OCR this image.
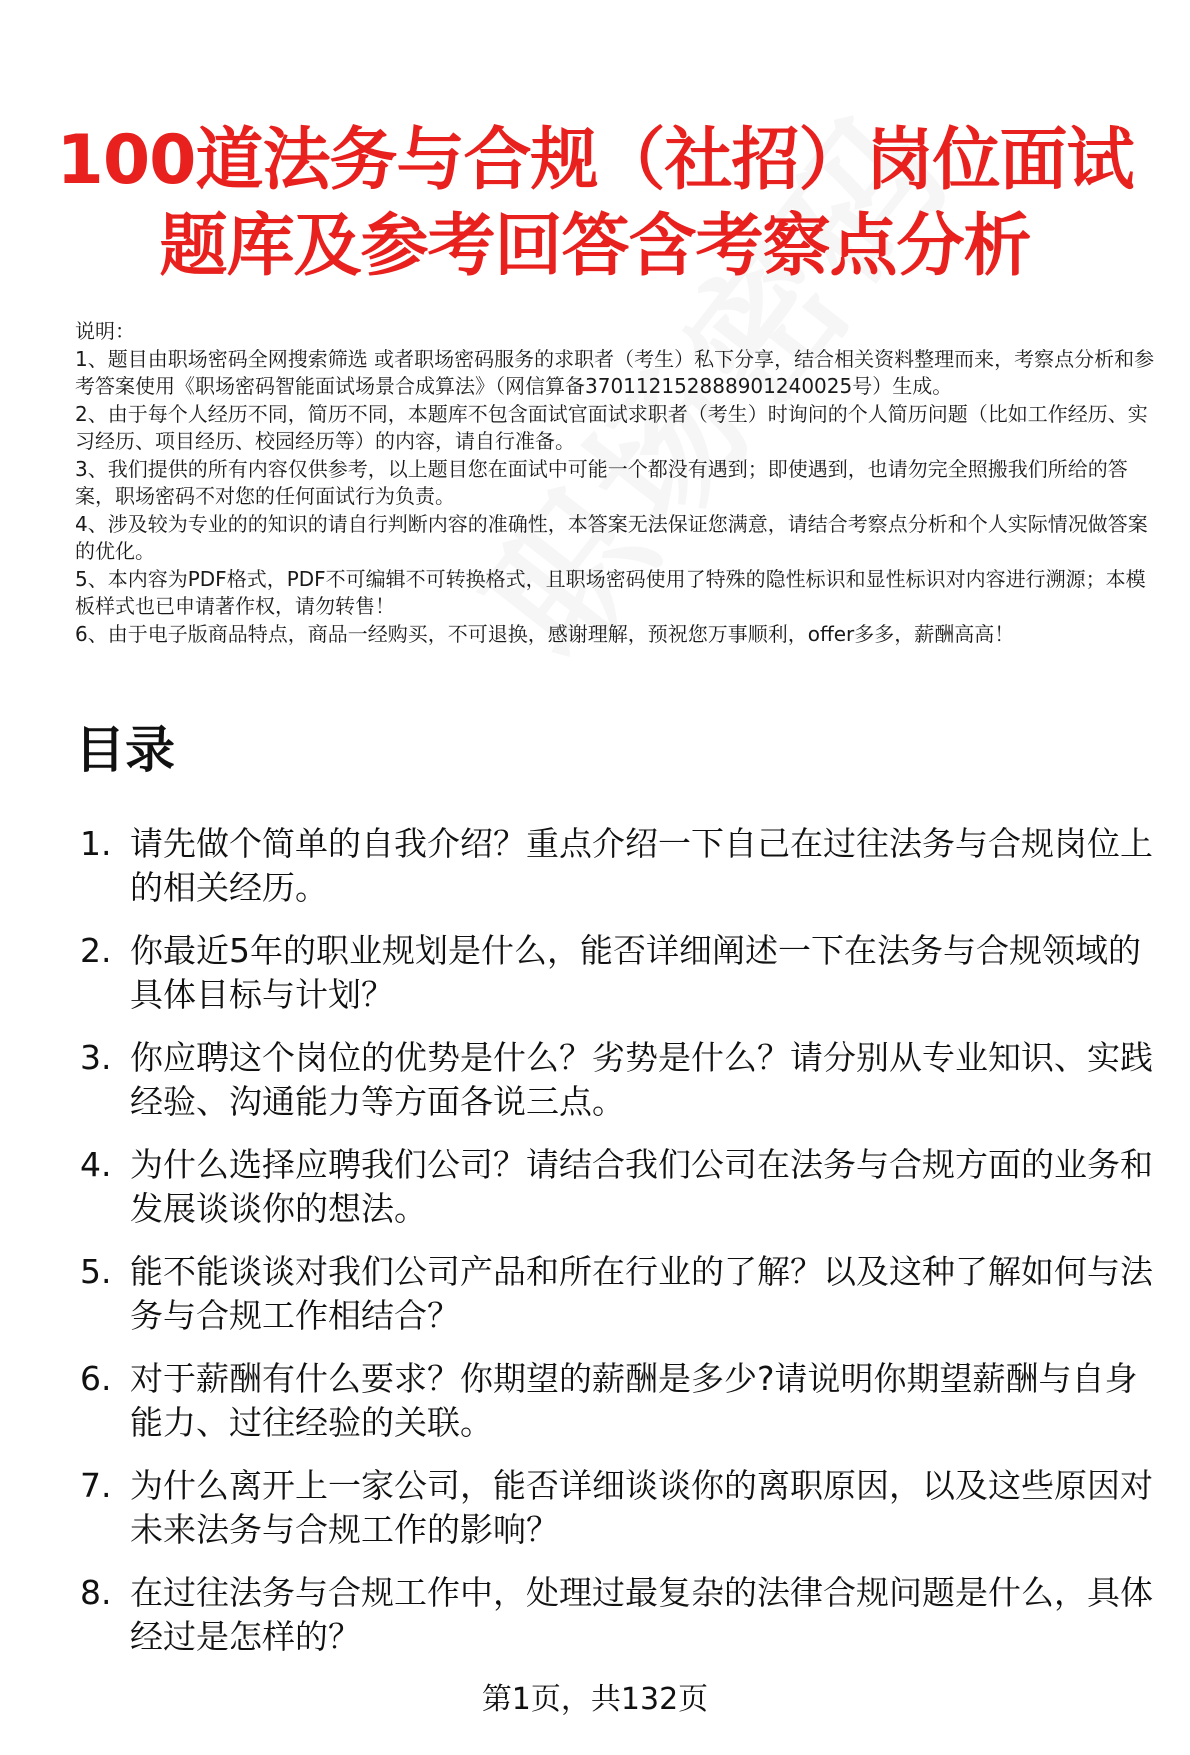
100道法务与合规（社招）岗位面试
题库及参考回答含考察点分析

说明：

1、题目由职场密码全网搜索筛选 或者职场密码服务的求职者（考生）私下分享，结合相关资料整理而来，考察点分析和参考答案使用《职场密码智能面试场景合成算法》（网信算备370112152888901240025号）生成。

2、由于每个人经历不同，简历不同，本题库不包含面试官面试求职者（考生）时询问的个人简历问题（比如工作经历、实习经历、项目经历、校园经历等）的内容，请自行准备。

3、我们提供的所有内容仅供参考，以上题目您在面试中可能一个都没有遇到；即使遇到，也请勿完全照搬我们所给的答案，职场密码不对您的任何面试行为负责。

4、涉及较为专业的的知识的请自行判断内容的准确性，本答案无法保证您满意，请结合考察点分析和个人实际情况做答案的优化。

5、本内容为PDF格式，PDF不可编辑不可转换格式，且职场密码使用了特殊的隐性标识和显性标识对内容进行溯源；本模板样式也已申请著作权，请勿转售！

6、由于电子版商品特点，商品一经购买，不可退换，感谢理解，预祝您万事顺利，offer多多，薪酬高高！

目录
1. 请先做个简单的自我介绍？重点介绍一下自己在过往法务与合规岗位上的相关经历。
2. 你最近5年的职业规划是什么，能否详细阐述一下在法务与合规领域的具体目标与计划？
3. 你应聘这个岗位的优势是什么？劣势是什么？请分别从专业知识、实践经验、沟通能力等方面各说三点。
4. 为什么选择应聘我们公司？请结合我们公司在法务与合规方面的业务和发展谈谈你的想法。
5. 能不能谈谈对我们公司产品和所在行业的了解？以及这种了解如何与法务与合规工作相结合？
6. 对于薪酬有什么要求？你期望的薪酬是多少?请说明你期望薪酬与自身能力、过往经验的关联。
7. 为什么离开上一家公司，能否详细谈谈你的离职原因，以及这些原因对未来法务与合规工作的影响？
8. 在过往法务与合规工作中，处理过最复杂的法律合规问题是什么，具体经过是怎样的？
第1页，共132页
